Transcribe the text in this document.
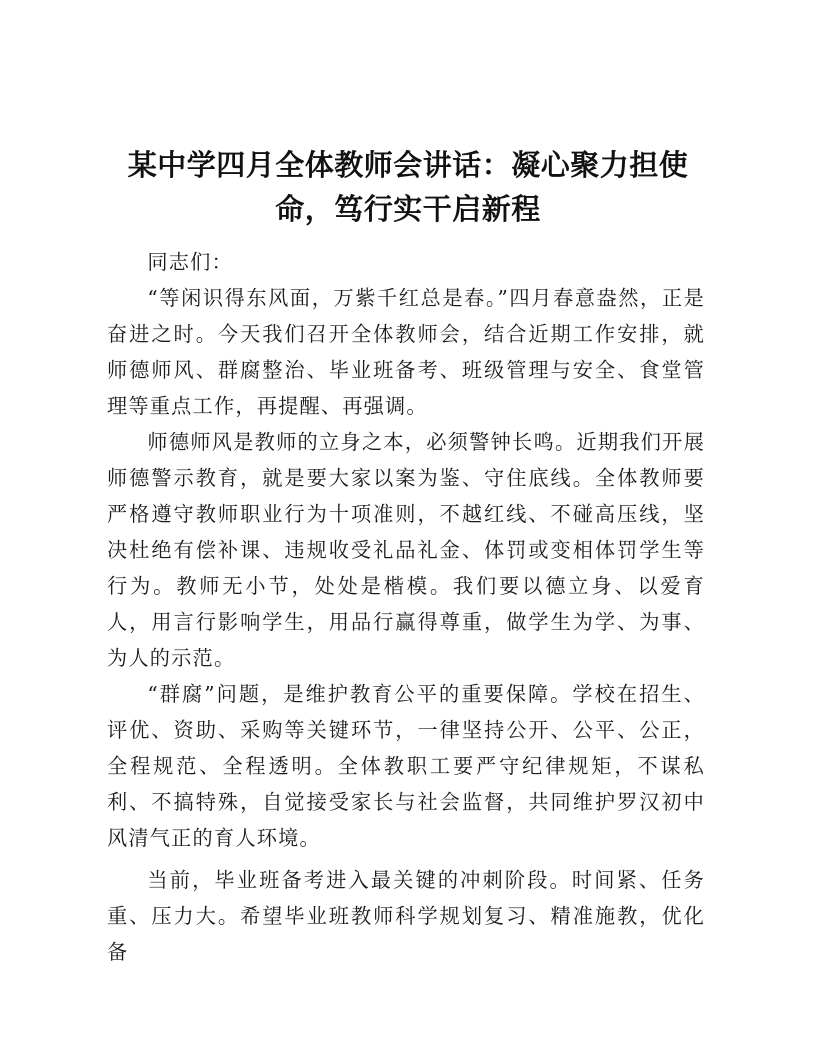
某中学四月全体教师会讲话：凝心聚力担使
命，笃行实干启新程

同志们：

“等闲识得东风面，万紫千红总是春。”四月春意盎然，正是奋进之时。今天我们召开全体教师会，结合近期工作安排，就师德师风、群腐整治、毕业班备考、班级管理与安全、食堂管理等重点工作，再提醒、再强调。

师德师风是教师的立身之本，必须警钟长鸣。近期我们开展师德警示教育，就是要大家以案为鉴、守住底线。全体教师要严格遵守教师职业行为十项准则，不越红线、不碰高压线，坚决杜绝有偿补课、违规收受礼品礼金、体罚或变相体罚学生等行为。教师无小节，处处是楷模。我们要以德立身、以爱育人，用言行影响学生，用品行赢得尊重，做学生为学、为事、为人的示范。

“群腐”问题，是维护教育公平的重要保障。学校在招生、评优、资助、采购等关键环节，一律坚持公开、公平、公正，全程规范、全程透明。全体教职工要严守纪律规矩，不谋私利、不搞特殊，自觉接受家长与社会监督，共同维护罗汉初中风清气正的育人环境。

当前，毕业班备考进入最关键的冲刺阶段。时间紧、任务重、压力大。希望毕业班教师科学规划复习、精准施教，优化备
